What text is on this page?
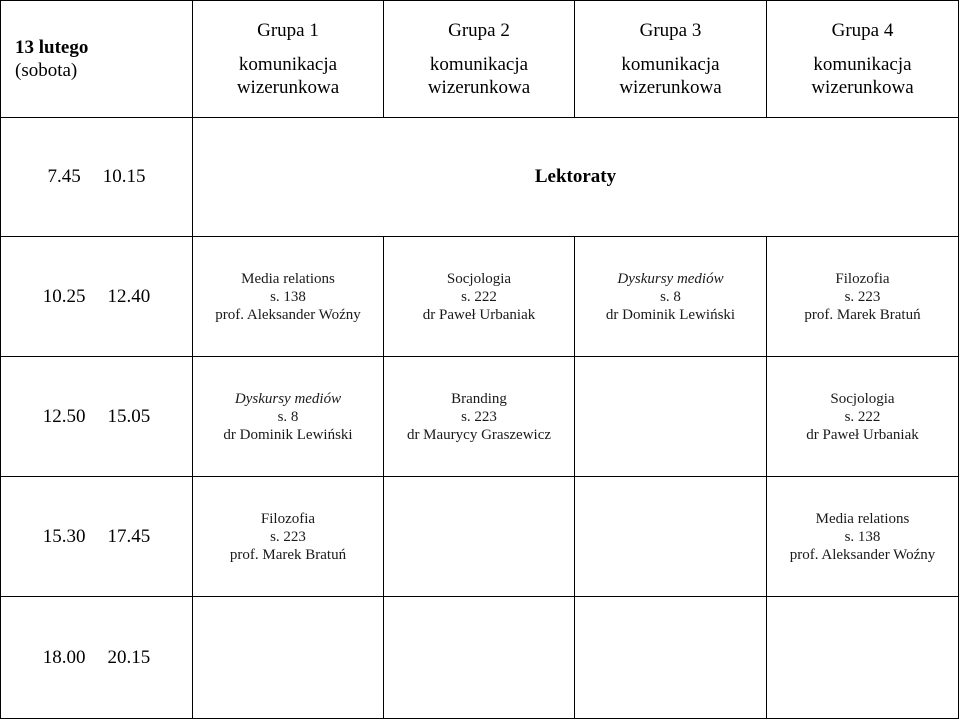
13 lutego
(sobota)	Grupa 1
komunikacja
wizerunkowa	Grupa 2
komunikacja
wizerunkowa	Grupa 3
komunikacja
wizerunkowa	Grupa 4
komunikacja
wizerunkowa

7.45 10.15	Lektoraty			
10.25 12.40	Media relations
s. 138
prof. Aleksander Woźny	Socjologia
s. 222
dr Paweł Urbaniak	Dyskursy mediów
s. 8
dr Dominik Lewiński	Filozofia
s. 223
prof. Marek Bratuń

12.50 15.05	Dyskursy mediów
s. 8
dr Dominik Lewiński	Branding
s. 223
dr Maurycy Graszewicz		Socjologia
s. 222
dr Paweł Urbaniak

15.30 17.45	Filozofia
s. 223
prof. Marek Bratuń			Media relations
s. 138
prof. Aleksander Woźny

18.00 20.15				
